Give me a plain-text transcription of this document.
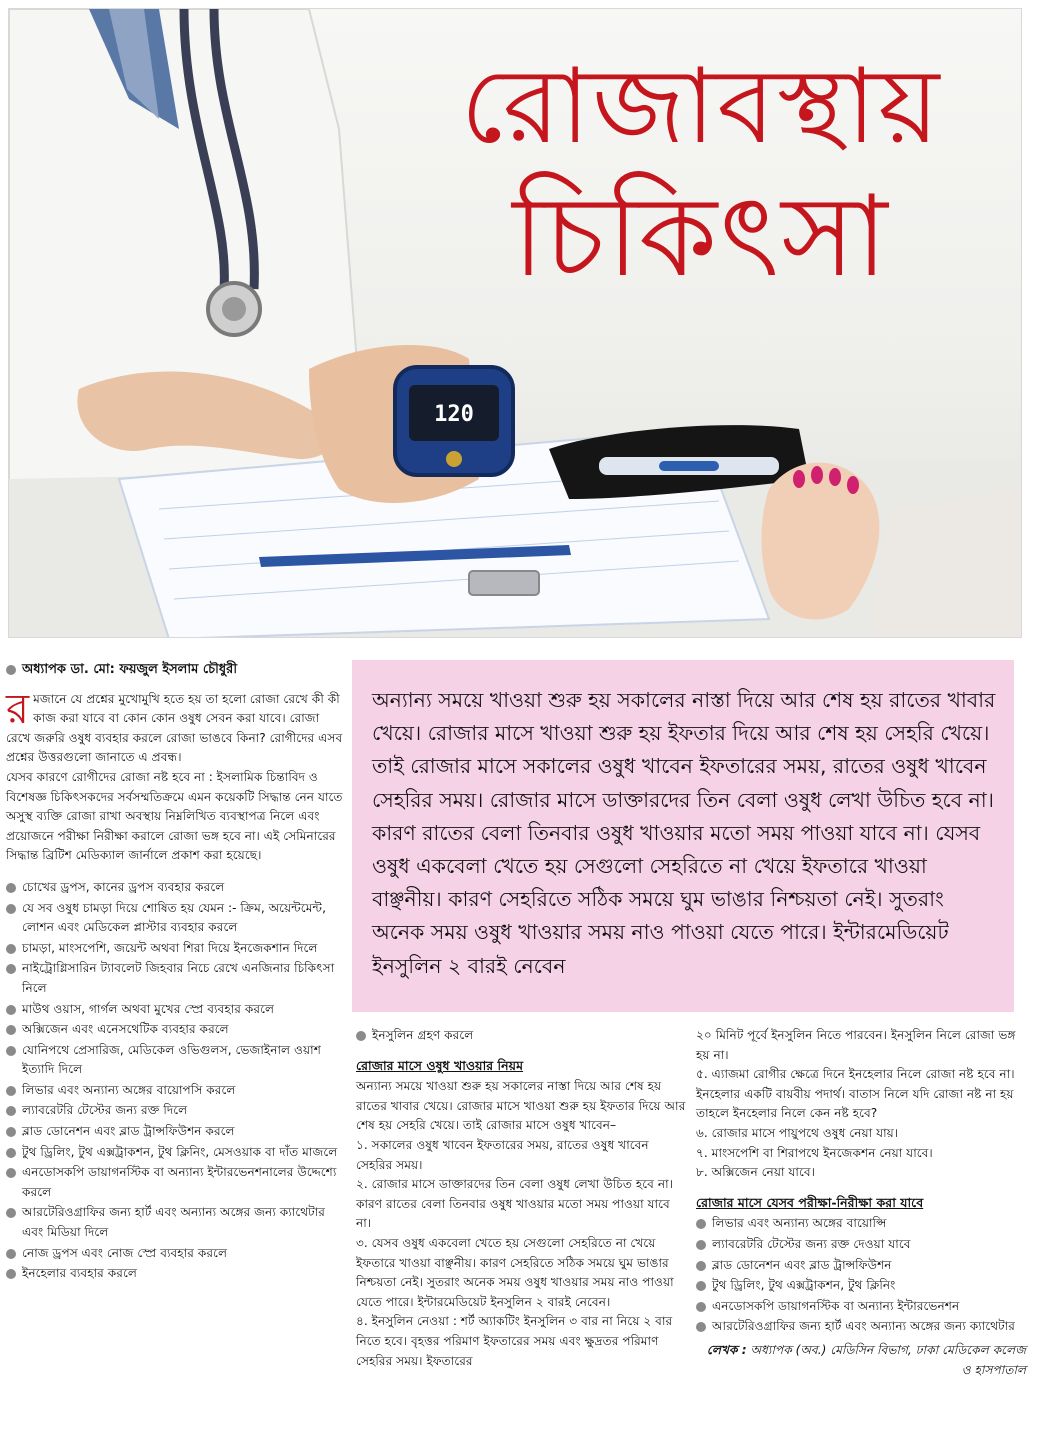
120
রোজাবস্থায়
চিকিৎসা
অধ্যাপক ডা. মো: ফয়জুল ইসলাম চৌধুরী

র মজানে যে প্রশ্নের মুখোমুখি হতে হয় তা হলো রোজা রেখে কী কী কাজ করা যাবে বা কোন কোন ওষুধ সেবন করা যাবে। রোজা রেখে জরুরি ওষুধ ব্যবহার করলে রোজা ভাঙবে কিনা? রোগীদের এসব প্রশ্নের উত্তরগুলো জানাতে এ প্রবন্ধ।

যেসব কারণে রোগীদের রোজা নষ্ট হবে না : ইসলামিক চিন্তাবিদ ও বিশেষজ্ঞ চিকিৎসকদের সর্বসম্মতিক্রমে এমন কয়েকটি সিদ্ধান্ত নেন যাতে অসুস্থ ব্যক্তি রোজা রাখা অবস্থায় নিম্নলিখিত ব্যবস্থাপত্র নিলে এবং প্রয়োজনে পরীক্ষা নিরীক্ষা করালে রোজা ভঙ্গ হবে না। এই সেমিনারের সিদ্ধান্ত ব্রিটিশ মেডিক্যাল জার্নালে প্রকাশ করা হয়েছে।

চোখের ড্রপস, কানের ড্রপস ব্যবহার করলে
যে সব ওষুধ চামড়া দিয়ে শোষিত হয় যেমন :- ক্রিম, অয়েন্টমেন্ট, লোশন এবং মেডিকেল প্লাস্টার ব্যবহার করলে
চামড়া, মাংসপেশি, জয়েন্ট অথবা শিরা দিয়ে ইনজেকশান দিলে
নাইট্রোগ্লিসারিন ট্যাবলেট জিহবার নিচে রেখে এনজিনার চিকিৎসা নিলে
মাউথ ওয়াস, গার্গল অথবা মুখের স্প্রে ব্যবহার করলে
অক্সিজেন এবং এনেসথেটিক ব্যবহার করলে
যোনিপথে প্রেসারিজ, মেডিকেল ওভিগুলস, ভেজাইনাল ওয়াশ ইত্যাদি দিলে
লিভার এবং অন্যান্য অঙ্গের বায়োপসি করলে
ল্যাবরেটরি টেস্টের জন্য রক্ত দিলে
ব্লাড ডোনেশন এবং ব্লাড ট্রান্সফিউশন করলে
টুথ ড্রিলিং, টুথ এক্সট্রাকশন, টুথ ক্লিনিং, মেসওয়াক বা দাঁত মাজলে
এনডোসকপি ডায়াগনস্টিক বা অন্যান্য ইন্টারভেনশনালের উদ্দেশ্যে করলে
আরটেরিওগ্রাফির জন্য হার্ট এবং অন্যান্য অঙ্গের জন্য ক্যাথেটার এবং মিডিয়া দিলে
নোজ ড্রপস এবং নোজ স্প্রে ব্যবহার করলে
ইনহেলার ব্যবহার করলে

অন্যান্য সময়ে খাওয়া শুরু হয় সকালের নাস্তা দিয়ে আর শেষ হয় রাতের খাবার খেয়ে। রোজার মাসে খাওয়া শুরু হয় ইফতার দিয়ে আর শেষ হয় সেহরি খেয়ে। তাই রোজার মাসে সকালের ওষুধ খাবেন ইফতারের সময়, রাতের ওষুধ খাবেন সেহরির সময়। রোজার মাসে ডাক্তারদের তিন বেলা ওষুধ লেখা উচিত হবে না। কারণ রাতের বেলা তিনবার ওষুধ খাওয়ার মতো সময় পাওয়া যাবে না। যেসব ওষুধ একবেলা খেতে হয় সেগুলো সেহরিতে না খেয়ে ইফতারে খাওয়া বাঞ্ছনীয়। কারণ সেহরিতে সঠিক সময়ে ঘুম ভাঙার নিশ্চয়তা নেই। সুতরাং অনেক সময় ওষুধ খাওয়ার সময় নাও পাওয়া যেতে পারে। ইন্টারমেডিয়েট ইনসুলিন ২ বারই নেবেন

ইনসুলিন গ্রহণ করলে
রোজার মাসে ওষুধ খাওয়ার নিয়ম

অন্যান্য সময়ে খাওয়া শুরু হয় সকালের নাস্তা দিয়ে আর শেষ হয় রাতের খাবার খেয়ে। রোজার মাসে খাওয়া শুরু হয় ইফতার দিয়ে আর শেষ হয় সেহরি খেয়ে। তাই রোজার মাসে ওষুধ খাবেন–

১. সকালের ওষুধ খাবেন ইফতারের সময়, রাতের ওষুধ খাবেন সেহরির সময়।

২. রোজার মাসে ডাক্তারদের তিন বেলা ওষুধ লেখা উচিত হবে না। কারণ রাতের বেলা তিনবার ওষুধ খাওয়ার মতো সময় পাওয়া যাবে না।

৩. যেসব ওষুধ একবেলা খেতে হয় সেগুলো সেহরিতে না খেয়ে ইফতারে খাওয়া বাঞ্ছনীয়। কারণ সেহরিতে সঠিক সময়ে ঘুম ভাঙার নিশ্চয়তা নেই। সুতরাং অনেক সময় ওষুধ খাওয়ার সময় নাও পাওয়া যেতে পারে। ইন্টারমেডিয়েট ইনসুলিন ২ বারই নেবেন।

৪. ইনসুলিন নেওয়া : শর্ট অ্যাকটিং ইনসুলিন ৩ বার না নিয়ে ২ বার নিতে হবে। বৃহত্তর পরিমাণ ইফতারের সময় এবং ক্ষুদ্রতর পরিমাণ সেহরির সময়। ইফতারের

২০ মিনিট পূর্বে ইনসুলিন নিতে পারবেন। ইনসুলিন নিলে রোজা ভঙ্গ হয় না।

৫. এ্যাজমা রোগীর ক্ষেত্রে দিনে ইনহেলার নিলে রোজা নষ্ট হবে না। ইনহেলার একটি বায়বীয় পদার্থ। বাতাস নিলে যদি রোজা নষ্ট না হয় তাহলে ইনহেলার নিলে কেন নষ্ট হবে?

৬. রোজার মাসে পায়ুপথে ওষুধ নেয়া যায়।

৭. মাংসপেশি বা শিরাপথে ইনজেকশন নেয়া যাবে।

৮. অক্সিজেন নেয়া যাবে।

রোজার মাসে যেসব পরীক্ষা-নিরীক্ষা করা যাবে
লিভার এবং অন্যান্য অঙ্গের বায়োপ্সি
ল্যাবরেটরি টেস্টের জন্য রক্ত দেওয়া যাবে
ব্লাড ডোনেশন এবং ব্লাড ট্রান্সফিউশন
টুথ ড্রিলিং, টুথ এক্সট্রাকশন, টুথ ক্লিনিং
এনডোসকপি ডায়াগনস্টিক বা অন্যান্য ইন্টারভেনশন
আরটেরিওগ্রাফির জন্য হার্ট এবং অন্যান্য অঙ্গের জন্য ক্যাথেটার

লেখক : অধ্যাপক (অব.) মেডিসিন বিভাগ, ঢাকা মেডিকেল কলেজ ও হাসপাতাল
